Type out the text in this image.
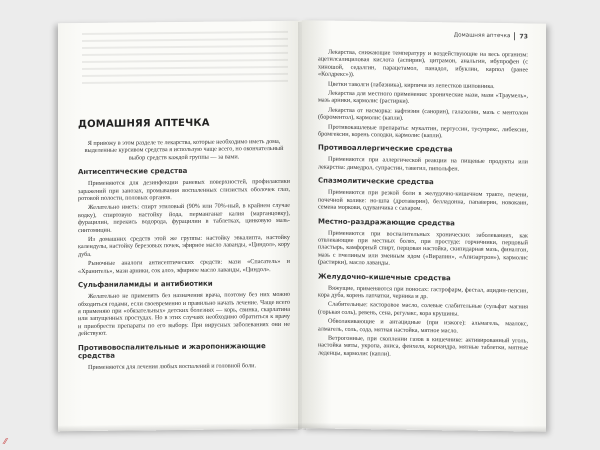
ДОМАШНЯЯ АПТЕЧКА

Я привожу в этом разделе те лекарства, которые необходимо иметь дома, выделенные курсивом средства я использую чаще всего, но окончательный выбор средств каждой группы — за вами.

Антисептические средства

Применяются для дезинфекции раневых поверхностей, профилактики заражений при занозах, промывания воспаленных слизистых оболочек глаз, ротовой полости, половых органов.

Желательно иметь: спирт этиловый (90% или 70%-ный, в крайнем случае водку), спиртовую настойку йода, перманганат калия (марганцовку), фурацилин, перекись водорода, фурацилин в таблетках, цинковую мазь-синтомицин.

Из домашних средств этой же группы: настойку эвкалипта, настойку календулы, настойку березовых почек, эфирное масло лаванды, «Циндол», кору дуба.

Рыночные аналоги антисептических средств: мази «Спасатель» и «Хранитель», мази арники, сок алоэ, эфирное масло лаванды, «Циндол».

Сульфаниламиды и антибиотики

Желательно не применять без назначения врача, поэтому без них можно обходиться годами, если своевременно и правильно начать лечение. Чаще всего я применяю при «обязательных» детских болезнях — корь, свинка, скарлатина или запущенных простудах. Но в этих случаях необходимо обратиться к врачу и приобрести препараты по его выбору. При вирусных заболеваниях они не действуют.

Противовоспалительные и жаропонижающие средства

Применяются для лечения любых воспалений и головной боли.

Домашняя аптечка 73

Лекарства, снижающие температуру и воздействующие на весь организм: ацетилсалициловая кислота (аспирин), цитрамон, анальгин, ибупрофен (с хиношой, седалгин, парацетамол, панадол, ибуклин, карпол (ранее «Колдрекс»)).

Цветки таволги (лабазника), кирпичи из лепестков шиповника.

Лекарства для местного применения: хронические мази, мази «Траумель», мазь арники, кармолис (растирки).

Лекарства от насморка: нафтизин (санорин), галазолин, мазь с ментолом (бороментол), кармолис (капли).

Противокашлевые препараты: мукалтин, пертуссин, тусупрекс, либексин, бромгексин, корень солодки, кармолис (капли).

Противоаллергические средства

Применяются при аллергической реакции на пищевые продукты или лекарства: димедрол, супрастин, тавегил, пипольфен.

Спазмолитические средства

Применяются при резкой боли в желудочно-кишечном тракте, печени, почечной колике: но-шпа (дротаверин), белладонна, папаверин, новокаин, семена моркови, одуванчика с сахаром.

Местно-раздражающие средства

Применяются при воспалительных хронических заболеваниях, как отвлекающие при местных болях, при простуде: горчичники, перцовый пластырь, камфорный спирт, перцовая настойка, скипидарная мазь, финалгон, мазь с пчелиным или змеиным ядом («Вирапин», «Апизартрон»), кармолис (растирки), масло лаванды.

Желудочно-кишечные средства

Вяжущие, применяются при поносах: гастрофарм, фестал, ацидин-пепсин, кора дуба, корень лапчатки, черника и др.

Слабительные: касторовое масло, солевые слабительные (сульфат магния (горькая соль), ревень, сена, регулакс, кора крушины.

Обволакивающие и антацидные (при изжоге): альмагель, маалокс, алмагель, соль, сода, мятная настойка, мятное масло.

Ветрогонные, при скоплении газов в кишечнике: активированный уголь, настойка мяты, укропа, аниса, фенхеля, кориандра, мятные таблетки, мятные леденцы, кармолис (капли).

⁄⁄
